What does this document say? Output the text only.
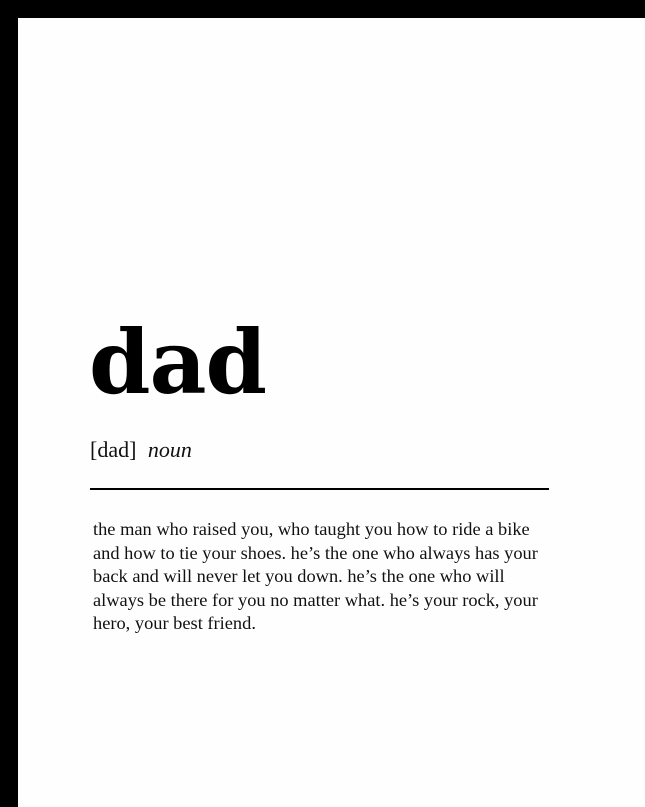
dad
[dad] noun

the man who raised you, who taught you how to ride a bike and how to tie your shoes. he’s the one who always has your back and will never let you down. he’s the one who will always be there for you no matter what. he’s your rock, your hero, your best friend.
